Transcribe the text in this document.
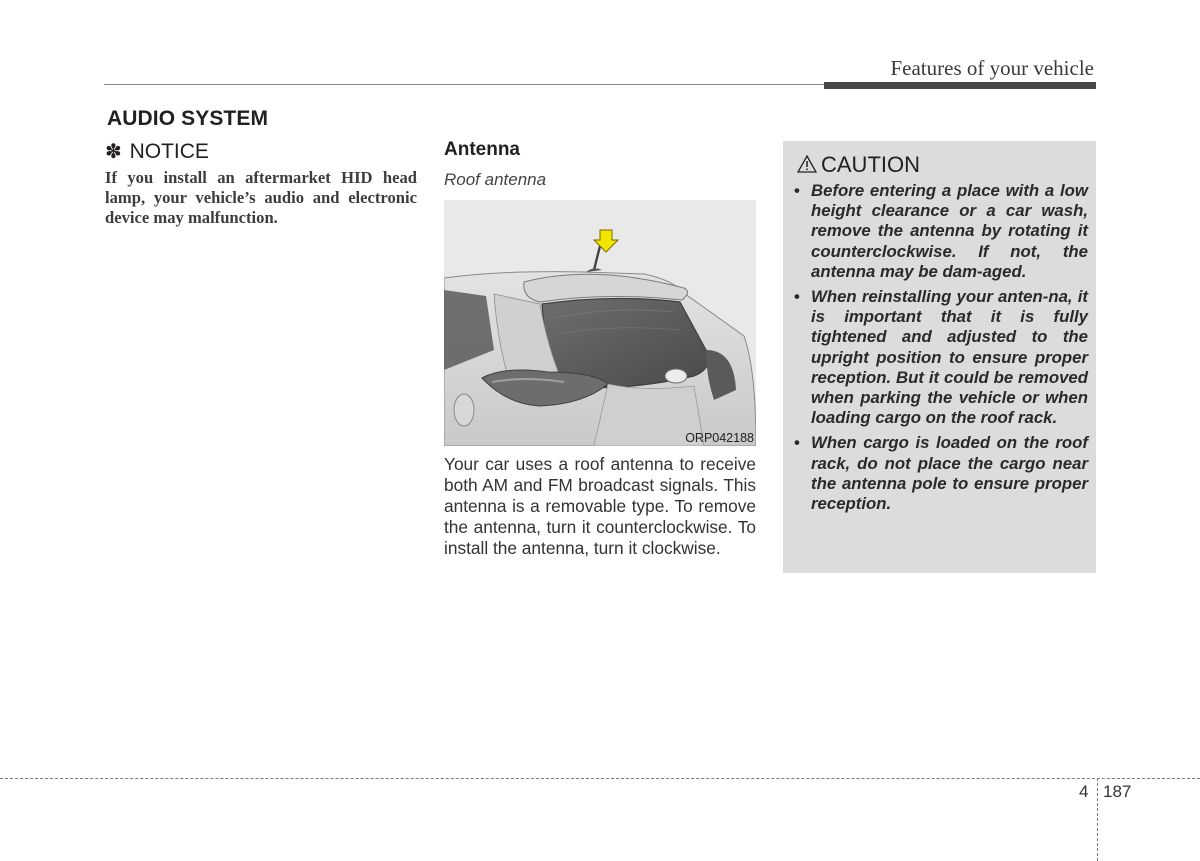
Features of your vehicle
AUDIO SYSTEM
✽ NOTICE
If you install an aftermarket HID head lamp, your vehicle’s audio and electronic device may malfunction.
Antenna
Roof antenna
ORP042188
Your car uses a roof antenna to receive both AM and FM broadcast signals. This antenna is a removable type. To remove the antenna, turn it counterclockwise. To install the antenna, turn it clockwise.
CAUTION
• Before entering a place with a low height clearance or a car wash, remove the antenna by rotating it counterclockwise. If not, the antenna may be dam-aged.
• When reinstalling your anten-na, it is important that it is fully tightened and adjusted to the upright position to ensure proper reception. But it could be removed when parking the vehicle or when loading cargo on the roof rack.
• When cargo is loaded on the roof rack, do not place the cargo near the antenna pole to ensure proper reception.
4 187
